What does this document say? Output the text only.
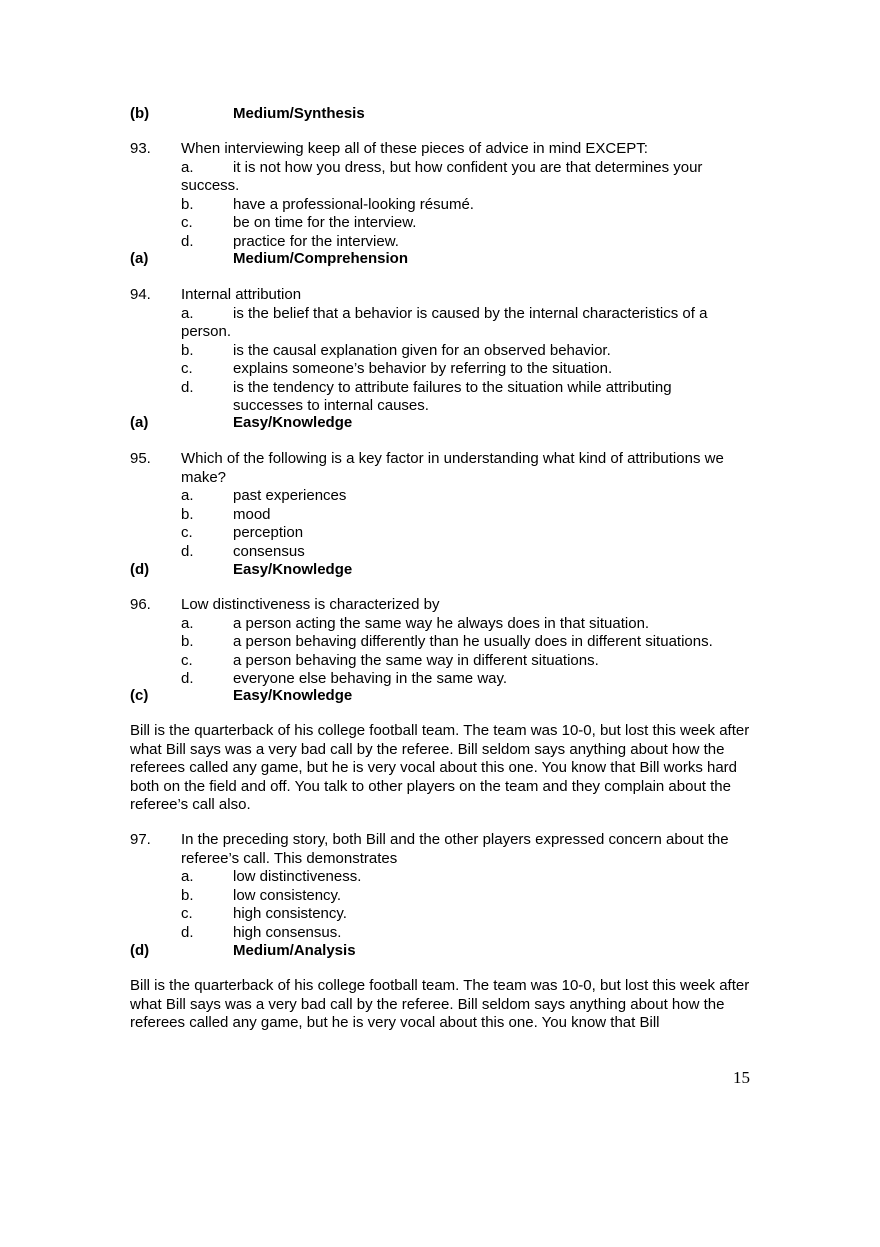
(b)	Medium/Synthesis
93. When interviewing keep all of these pieces of advice in mind EXCEPT:
a.	it is not how you dress, but how confident you are that determines your success.
b.	have a professional-looking résumé.
c.	be on time for the interview.
d.	practice for the interview.
(a)	Medium/Comprehension
94. Internal attribution
a.	is the belief that a behavior is caused by the internal characteristics of a person.
b.	is the causal explanation given for an observed behavior.
c.	explains someone’s behavior by referring to the situation.
d.	is the tendency to attribute failures to the situation while attributing successes to internal causes.
(a)	Easy/Knowledge
95. Which of the following is a key factor in understanding what kind of attributions we make?
a.	past experiences
b.	mood
c.	perception
d.	consensus
(d)	Easy/Knowledge
96. Low distinctiveness is characterized by
a.	a person acting the same way he always does in that situation.
b.	a person behaving differently than he usually does in different situations.
c.	a person behaving the same way in different situations.
d.	everyone else behaving in the same way.
(c)	Easy/Knowledge
Bill is the quarterback of his college football team. The team was 10-0, but lost this week after what Bill says was a very bad call by the referee. Bill seldom says anything about how the referees called any game, but he is very vocal about this one. You know that Bill works hard both on the field and off. You talk to other players on the team and they complain about the referee’s call also.
97. In the preceding story, both Bill and the other players expressed concern about the referee’s call. This demonstrates
a.	low distinctiveness.
b.	low consistency.
c.	high consistency.
d.	high consensus.
(d)	Medium/Analysis
Bill is the quarterback of his college football team. The team was 10-0, but lost this week after what Bill says was a very bad call by the referee. Bill seldom says anything about how the referees called any game, but he is very vocal about this one. You know that Bill
15
